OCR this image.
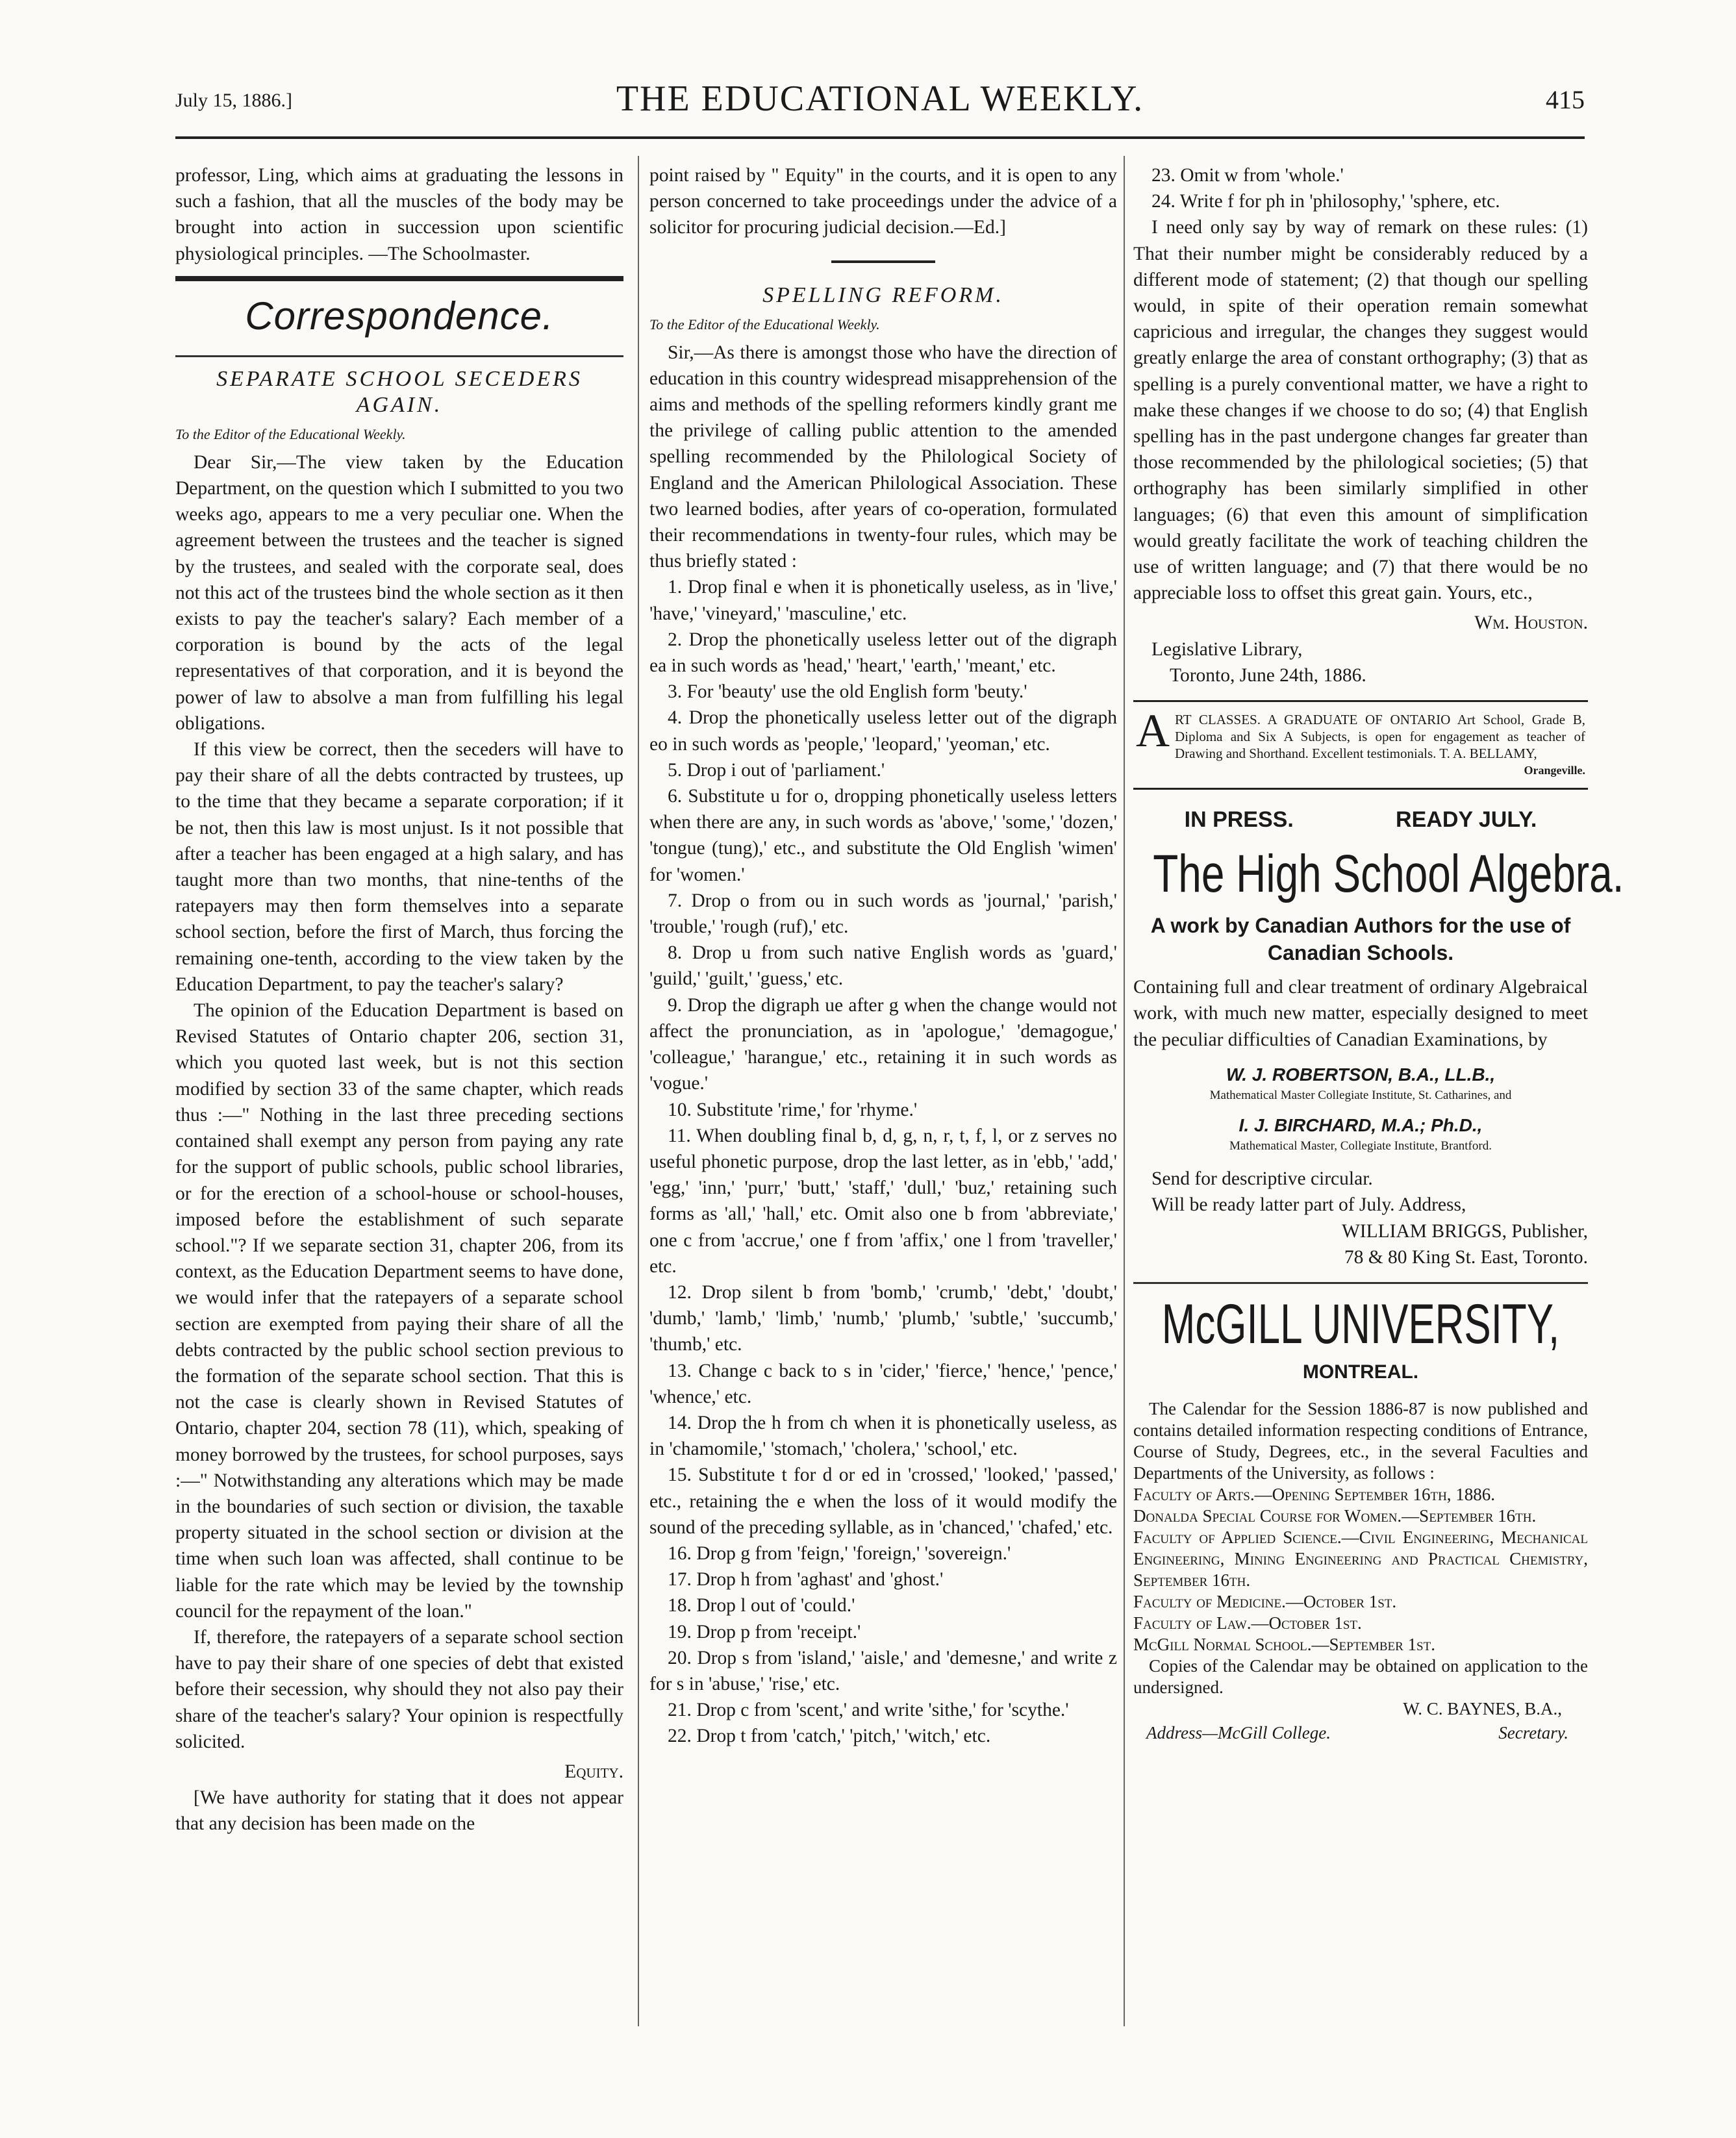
July 15, 1886.]	THE EDUCATIONAL WEEKLY.	415

professor, Ling, which aims at graduating the lessons in such a fashion, that all the muscles of the body may be brought into action in succession upon scientific physiological principles. —The Schoolmaster.

Correspondence.
SEPARATE SCHOOL SECEDERS AGAIN.

To the Editor of the Educational Weekly.

Dear Sir,—The view taken by the Education Department, on the question which I submitted to you two weeks ago, appears to me a very peculiar one. When the agreement between the trustees and the teacher is signed by the trustees, and sealed with the corporate seal, does not this act of the trustees bind the whole section as it then exists to pay the teacher's salary? Each member of a corporation is bound by the acts of the legal representatives of that corporation, and it is beyond the power of law to absolve a man from fulfilling his legal obligations.

If this view be correct, then the seceders will have to pay their share of all the debts contracted by trustees, up to the time that they became a separate corporation; if it be not, then this law is most unjust. Is it not possible that after a teacher has been engaged at a high salary, and has taught more than two months, that nine-tenths of the ratepayers may then form themselves into a separate school section, before the first of March, thus forcing the remaining one-tenth, according to the view taken by the Education Department, to pay the teacher's salary?

The opinion of the Education Department is based on Revised Statutes of Ontario chapter 206, section 31, which you quoted last week, but is not this section modified by section 33 of the same chapter, which reads thus :—" Nothing in the last three preceding sections contained shall exempt any person from paying any rate for the support of public schools, public school libraries, or for the erection of a school-house or school-houses, imposed before the establishment of such separate school."? If we separate section 31, chapter 206, from its context, as the Education Department seems to have done, we would infer that the ratepayers of a separate school section are exempted from paying their share of all the debts contracted by the public school section previous to the formation of the separate school section. That this is not the case is clearly shown in Revised Statutes of Ontario, chapter 204, section 78 (11), which, speaking of money borrowed by the trustees, for school purposes, says :—" Notwithstanding any alterations which may be made in the boundaries of such section or division, the taxable property situated in the school section or division at the time when such loan was affected, shall continue to be liable for the rate which may be levied by the township council for the repayment of the loan."

If, therefore, the ratepayers of a separate school section have to pay their share of one species of debt that existed before their secession, why should they not also pay their share of the teacher's salary? Your opinion is respectfully solicited.

Equity.

[We have authority for stating that it does not appear that any decision has been made on the

point raised by " Equity" in the courts, and it is open to any person concerned to take proceedings under the advice of a solicitor for procuring judicial decision.—Ed.]

SPELLING REFORM.

To the Editor of the Educational Weekly.

Sir,—As there is amongst those who have the direction of education in this country widespread misapprehension of the aims and methods of the spelling reformers kindly grant me the privilege of calling public attention to the amended spelling recommended by the Philological Society of England and the American Philological Association. These two learned bodies, after years of co-operation, formulated their recommendations in twenty-four rules, which may be thus briefly stated :

1. Drop final e when it is phonetically useless, as in 'live,' 'have,' 'vineyard,' 'masculine,' etc.

2. Drop the phonetically useless letter out of the digraph ea in such words as 'head,' 'heart,' 'earth,' 'meant,' etc.

3. For 'beauty' use the old English form 'beuty.'

4. Drop the phonetically useless letter out of the digraph eo in such words as 'people,' 'leopard,' 'yeoman,' etc.

5. Drop i out of 'parliament.'

6. Substitute u for o, dropping phonetically useless letters when there are any, in such words as 'above,' 'some,' 'dozen,' 'tongue (tung),' etc., and substitute the Old English 'wimen' for 'women.'

7. Drop o from ou in such words as 'journal,' 'parish,' 'trouble,' 'rough (ruf),' etc.

8. Drop u from such native English words as 'guard,' 'guild,' 'guilt,' 'guess,' etc.

9. Drop the digraph ue after g when the change would not affect the pronunciation, as in 'apologue,' 'demagogue,' 'colleague,' 'harangue,' etc., retaining it in such words as 'vogue.'

10. Substitute 'rime,' for 'rhyme.'

11. When doubling final b, d, g, n, r, t, f, l, or z serves no useful phonetic purpose, drop the last letter, as in 'ebb,' 'add,' 'egg,' 'inn,' 'purr,' 'butt,' 'staff,' 'dull,' 'buz,' retaining such forms as 'all,' 'hall,' etc. Omit also one b from 'abbreviate,' one c from 'accrue,' one f from 'affix,' one l from 'traveller,' etc.

12. Drop silent b from 'bomb,' 'crumb,' 'debt,' 'doubt,' 'dumb,' 'lamb,' 'limb,' 'numb,' 'plumb,' 'subtle,' 'succumb,' 'thumb,' etc.

13. Change c back to s in 'cider,' 'fierce,' 'hence,' 'pence,' 'whence,' etc.

14. Drop the h from ch when it is phonetically useless, as in 'chamomile,' 'stomach,' 'cholera,' 'school,' etc.

15. Substitute t for d or ed in 'crossed,' 'looked,' 'passed,' etc., retaining the e when the loss of it would modify the sound of the preceding syllable, as in 'chanced,' 'chafed,' etc.

16. Drop g from 'feign,' 'foreign,' 'sovereign.'

17. Drop h from 'aghast' and 'ghost.'

18. Drop l out of 'could.'

19. Drop p from 'receipt.'

20. Drop s from 'island,' 'aisle,' and 'demesne,' and write z for s in 'abuse,' 'rise,' etc.

21. Drop c from 'scent,' and write 'sithe,' for 'scythe.'

22. Drop t from 'catch,' 'pitch,' 'witch,' etc.

23. Omit w from 'whole.'

24. Write f for ph in 'philosophy,' 'sphere, etc.

I need only say by way of remark on these rules: (1) That their number might be considerably reduced by a different mode of statement; (2) that though our spelling would, in spite of their operation remain somewhat capricious and irregular, the changes they suggest would greatly enlarge the area of constant orthography; (3) that as spelling is a purely conventional matter, we have a right to make these changes if we choose to do so; (4) that English spelling has in the past undergone changes far greater than those recommended by the philological societies; (5) that orthography has been similarly simplified in other languages; (6) that even this amount of simplification would greatly facilitate the work of teaching children the use of written language; and (7) that there would be no appreciable loss to offset this great gain. Yours, etc.,

Wm. Houston.

Legislative Library,

Toronto, June 24th, 1886.

A RT CLASSES. A GRADUATE OF ONTARIO Art School, Grade B, Diploma and Six A Subjects, is open for engagement as teacher of Drawing and Shorthand. Excellent testimonials. T. A. BELLAMY,
Orangeville.
IN PRESS.	READY JULY.
The High School Algebra.
A work by Canadian Authors for the use of Canadian Schools.

Containing full and clear treatment of ordinary Algebraical work, with much new matter, especially designed to meet the peculiar difficulties of Canadian Examinations, by

W. J. ROBERTSON, B.A., LL.B.,
Mathematical Master Collegiate Institute, St. Catharines, and
I. J. BIRCHARD, M.A.; Ph.D.,
Mathematical Master, Collegiate Institute, Brantford.

Send for descriptive circular.

Will be ready latter part of July. Address,

WILLIAM BRIGGS, Publisher,
78 & 80 King St. East, Toronto.
McGILL UNIVERSITY,
MONTREAL.

The Calendar for the Session 1886-87 is now published and contains detailed information respecting conditions of Entrance, Course of Study, Degrees, etc., in the several Faculties and Departments of the University, as follows :

Faculty of Arts.—Opening September 16th, 1886.

Donalda Special Course for Women.—September 16th.

Faculty of Applied Science.—Civil Engineering, Mechanical Engineering, Mining Engineering and Practical Chemistry, September 16th.

Faculty of Medicine.—October 1st.

Faculty of Law.—October 1st.

McGill Normal School.—September 1st.

Copies of the Calendar may be obtained on application to the undersigned.

W. C. BAYNES, B.A.,
Address—McGill College.	Secretary.
